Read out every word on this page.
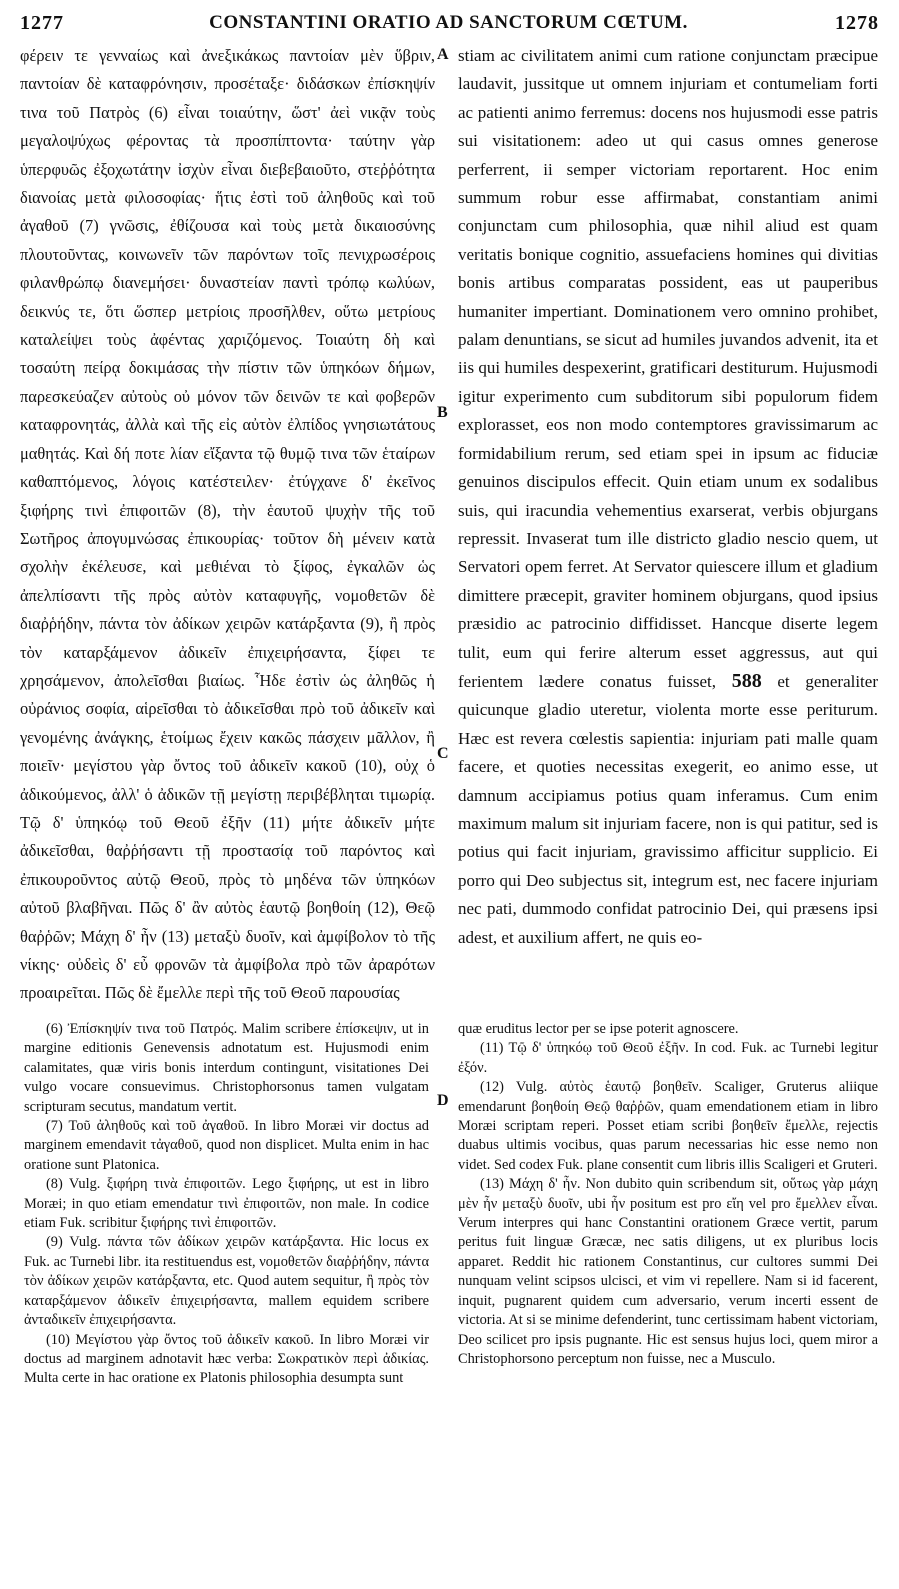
1277	CONSTANTINI ORATIO AD SANCTORUM CŒTUM.	1278

φέρειν τε γενναίως καὶ ἀνεξικάκως παντοίαν μὲν ὕβριν, παντοίαν δὲ καταφρόνησιν, προσέταξε· διδάσκων ἐπίσκηψίν τινα τοῦ Πατρὸς (6) εἶναι τοιαύτην, ὥστ' ἀεὶ νικᾷν τοὺς μεγαλοψύχως φέροντας τὰ προσπίπτοντα· ταύτην γὰρ ὑπερφυῶς ἐξοχωτάτην ἰσχὺν εἶναι διεβεβαιοῦτο, στεῤῥότητα διανοίας μετὰ φιλοσοφίας· ἥτις ἐστὶ τοῦ ἀληθοῦς καὶ τοῦ ἀγαθοῦ (7) γνῶσις, ἐθίζουσα καὶ τοὺς μετὰ δικαιοσύνης πλουτοῦντας, κοινωνεῖν τῶν παρόντων τοῖς πενιχρωσέροις φιλανθρώπῳ διανεμήσει· δυναστείαν παντὶ τρόπῳ κωλύων, δεικνύς τε, ὅτι ὥσπερ μετρίοις προσῆλθεν, οὕτω μετρίους καταλείψει τοὺς ἀφέντας χαριζόμενος. Τοιαύτη δὴ καὶ τοσαύτη πείρᾳ δοκιμάσας τὴν πίστιν τῶν ὑπηκόων δήμων, παρεσκεύαζεν αὐτοὺς οὐ μόνον τῶν δεινῶν τε καὶ φοβερῶν καταφρονητάς, ἀλλὰ καὶ τῆς εἰς αὐτὸν ἐλπίδος γνησιωτάτους μαθητάς. Καὶ δή ποτε λίαν εἴξαντα τῷ θυμῷ τινα τῶν ἑταίρων καθαπτόμενος, λόγοις κατέστειλεν· ἐτύγχανε δ' ἐκεῖνος ξιφήρης τινὶ ἐπιφοιτῶν (8), τὴν ἑαυτοῦ ψυχὴν τῆς τοῦ Σωτῆρος ἀπογυμνώσας ἐπικουρίας· τοῦτον δὴ μένειν κατὰ σχολὴν ἐκέλευσε, καὶ μεθιέναι τὸ ξίφος, ἐγκαλῶν ὡς ἀπελπίσαντι τῆς πρὸς αὐτὸν καταφυγῆς, νομοθετῶν δὲ διαῤῥήδην, πάντα τὸν ἀδίκων χειρῶν κατάρξαντα (9), ἢ πρὸς τὸν καταρξάμενον ἀδικεῖν ἐπιχειρήσαντα, ξίφει τε χρησάμενον, ἀπολεῖσθαι βιαίως. Ἧδε ἐστὶν ὡς ἀληθῶς ἡ οὐράνιος σοφία, αἱρεῖσθαι τὸ ἀδικεῖσθαι πρὸ τοῦ ἀδικεῖν καὶ γενομένης ἀνάγκης, ἑτοίμως ἔχειν κακῶς πάσχειν μᾶλλον, ἢ ποιεῖν· μεγίστου γὰρ ὄντος τοῦ ἀδικεῖν κακοῦ (10), οὐχ ὁ ἀδικούμενος, ἀλλ' ὁ ἀδικῶν τῇ μεγίστῃ περιβέβληται τιμωρίᾳ. Τῷ δ' ὑπηκόῳ τοῦ Θεοῦ ἐξῆν (11) μήτε ἀδικεῖν μήτε ἀδικεῖσθαι, θαῤῥήσαντι τῇ προστασίᾳ τοῦ παρόντος καὶ ἐπικουροῦντος αὐτῷ Θεοῦ, πρὸς τὸ μηδένα τῶν ὑπηκόων αὐτοῦ βλαβῆναι. Πῶς δ' ἂν αὐτὸς ἑαυτῷ βοηθοίη (12), Θεῷ θαῤῥῶν; Μάχη δ' ἦν (13) μεταξὺ δυοῖν, καὶ ἀμφίβολον τὸ τῆς νίκης· οὐδεὶς δ' εὖ φρονῶν τὰ ἀμφίβολα πρὸ τῶν ἀραρότων προαιρεῖται. Πῶς δὲ ἔμελλε περὶ τῆς τοῦ Θεοῦ παρουσίας

A
B
C
D

stiam ac civilitatem animi cum ratione conjunctam præcipue laudavit, jussitque ut omnem injuriam et contumeliam forti ac patienti animo ferremus: docens nos hujusmodi esse patris sui visitationem: adeo ut qui casus omnes generose perferrent, ii semper victoriam reportarent. Hoc enim summum robur esse affirmabat, constantiam animi conjunctam cum philosophia, quæ nihil aliud est quam veritatis bonique cognitio, assuefaciens homines qui divitias bonis artibus comparatas possident, eas ut pauperibus humaniter impertiant. Dominationem vero omnino prohibet, palam denuntians, se sicut ad humiles juvandos advenit, ita et iis qui humiles despexerint, gratificari destiturum. Hujusmodi igitur experimento cum subditorum sibi populorum fidem explorasset, eos non modo contemptores gravissimarum ac formidabilium rerum, sed etiam spei in ipsum ac fiduciæ genuinos discipulos effecit. Quin etiam unum ex sodalibus suis, qui iracundia vehementius exarserat, verbis objurgans repressit. Invaserat tum ille districto gladio nescio quem, ut Servatori opem ferret. At Servator quiescere illum et gladium dimittere præcepit, graviter hominem objurgans, quod ipsius præsidio ac patrocinio diffidisset. Hancque diserte legem tulit, eum qui ferire alterum esset aggressus, aut qui ferientem lædere conatus fuisset, 588 et generaliter quicunque gladio uteretur, violenta morte esse periturum. Hæc est revera cœlestis sapientia: injuriam pati malle quam facere, et quoties necessitas exegerit, eo animo esse, ut damnum accipiamus potius quam inferamus. Cum enim maximum malum sit injuriam facere, non is qui patitur, sed is potius qui facit injuriam, gravissimo afficitur supplicio. Ei porro qui Deo subjectus sit, integrum est, nec facere injuriam nec pati, dummodo confidat patrocinio Dei, qui præsens ipsi adest, et auxilium affert, ne quis eo-

(6) Ἐπίσκηψίν τινα τοῦ Πατρός. Malim scribere ἐπίσκεψιν, ut in margine editionis Genevensis adnotatum est. Hujusmodi enim calamitates, quæ viris bonis interdum contingunt, visitationes Dei vulgo vocare consuevimus. Christophorsonus tamen vulgatam scripturam secutus, mandatum vertit.

(7) Τοῦ ἀληθοῦς καὶ τοῦ ἀγαθοῦ. In libro Moræi vir doctus ad marginem emendavit τἀγαθοῦ, quod non displicet. Multa enim in hac oratione sunt Platonica.

(8) Vulg. ξιφήρη τινὰ ἐπιφοιτῶν. Lego ξιφήρης, ut est in libro Moræi; in quo etiam emendatur τινὶ ἐπιφοιτῶν, non male. In codice etiam Fuk. scribitur ξιφήρης τινὶ ἐπιφοιτῶν.

(9) Vulg. πάντα τῶν ἀδίκων χειρῶν κατάρξαντα. Hic locus ex Fuk. ac Turnebi libr. ita restituendus est, νομοθετῶν διαῤῥήδην, πάντα τὸν ἀδίκων χειρῶν κατάρξαντα, etc. Quod autem sequitur, ἢ πρὸς τὸν καταρξάμενον ἀδικεῖν ἐπιχειρήσαντα, mallem equidem scribere ἀνταδικεῖν ἐπιχειρήσαντα.

(10) Μεγίστου γὰρ ὄντος τοῦ ἀδικεῖν κακοῦ. In libro Moræi vir doctus ad marginem adnotavit hæc verba: Σωκρατικὸν περὶ ἀδικίας. Multa certe in hac oratione ex Platonis philosophia desumpta sunt

quæ eruditus lector per se ipse poterit agnoscere.

(11) Τῷ δ' ὑπηκόῳ τοῦ Θεοῦ ἐξῆν. In cod. Fuk. ac Turnebi legitur ἐξόν.

(12) Vulg. αὐτὸς ἑαυτῷ βοηθεῖν. Scaliger, Gruterus aliique emendarunt βοηθοίη Θεῷ θαῤῥῶν, quam emendationem etiam in libro Moræi scriptam reperi. Posset etiam scribi βοηθεῖν ἔμελλε, rejectis duabus ultimis vocibus, quas parum necessarias hic esse nemo non videt. Sed codex Fuk. plane consentit cum libris illis Scaligeri et Gruteri.

(13) Μάχη δ' ἦν. Non dubito quin scribendum sit, οὕτως γὰρ μάχη μὲν ἦν μεταξὺ δυοῖν, ubi ἦν positum est pro εἴη vel pro ἔμελλεν εἶναι. Verum interpres qui hanc Constantini orationem Græce vertit, parum peritus fuit linguæ Græcæ, nec satis diligens, ut ex pluribus locis apparet. Reddit hic rationem Constantinus, cur cultores summi Dei nunquam velint scipsos ulcisci, et vim vi repellere. Nam si id facerent, inquit, pugnarent quidem cum adversario, verum incerti essent de victoria. At si se minime defenderint, tunc certissimam habent victoriam, Deo scilicet pro ipsis pugnante. Hic est sensus hujus loci, quem miror a Christophorsono perceptum non fuisse, nec a Musculo.
